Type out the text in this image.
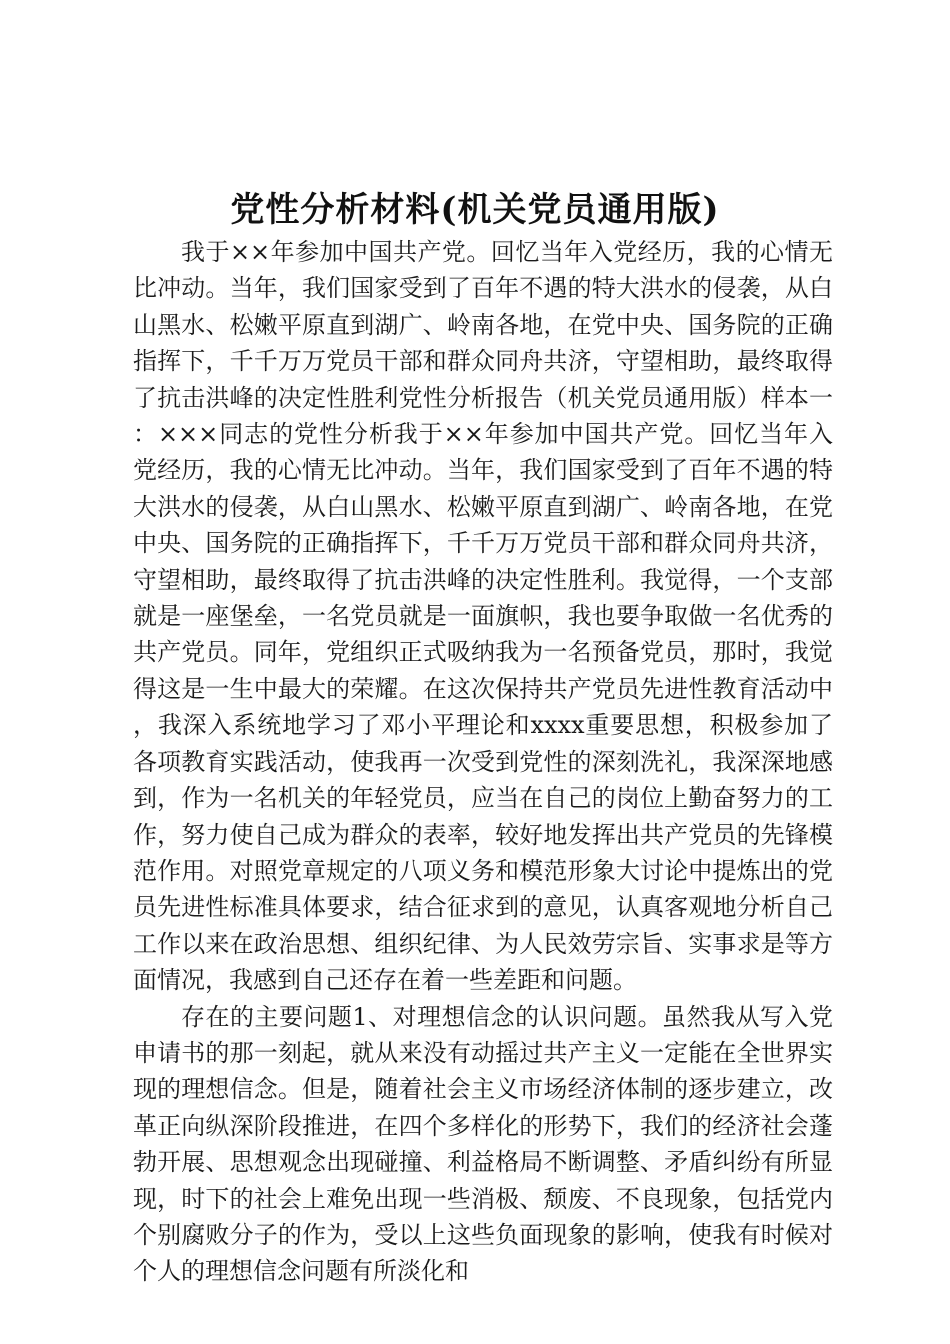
党性分析材料(机关党员通用版)

我于××年参加中国共产党。回忆当年入党经历，我的心情无比冲动。当年，我们国家受到了百年不遇的特大洪水的侵袭，从白山黑水、松嫩平原直到湖广、岭南各地，在党中央、国务院的正确指挥下，千千万万党员干部和群众同舟共济，守望相助，最终取得了抗击洪峰的决定性胜利党性分析报告（机关党员通用版）样本一：×××同志的党性分析我于××年参加中国共产党。回忆当年入党经历，我的心情无比冲动。当年，我们国家受到了百年不遇的特大洪水的侵袭，从白山黑水、松嫩平原直到湖广、岭南各地，在党中央、国务院的正确指挥下，千千万万党员干部和群众同舟共济，守望相助，最终取得了抗击洪峰的决定性胜利。我觉得，一个支部就是一座堡垒，一名党员就是一面旗帜，我也要争取做一名优秀的共产党员。同年，党组织正式吸纳我为一名预备党员，那时，我觉得这是一生中最大的荣耀。在这次保持共产党员先进性教育活动中，我深入系统地学习了邓小平理论和xxxx重要思想，积极参加了各项教育实践活动，使我再一次受到党性的深刻洗礼，我深深地感到，作为一名机关的年轻党员，应当在自己的岗位上勤奋努力的工作，努力使自己成为群众的表率，较好地发挥出共产党员的先锋模范作用。对照党章规定的八项义务和模范形象大讨论中提炼出的党员先进性标准具体要求，结合征求到的意见，认真客观地分析自己工作以来在政治思想、组织纪律、为人民效劳宗旨、实事求是等方面情况，我感到自己还存在着一些差距和问题。

存在的主要问题1、对理想信念的认识问题。虽然我从写入党申请书的那一刻起，就从来没有动摇过共产主义一定能在全世界实现的理想信念。但是，随着社会主义市场经济体制的逐步建立，改革正向纵深阶段推进，在四个多样化的形势下，我们的经济社会蓬勃开展、思想观念出现碰撞、利益格局不断调整、矛盾纠纷有所显现，时下的社会上难免出现一些消极、颓废、不良现象，包括党内个别腐败分子的作为，受以上这些负面现象的影响，使我有时候对个人的理想信念问题有所淡化和
